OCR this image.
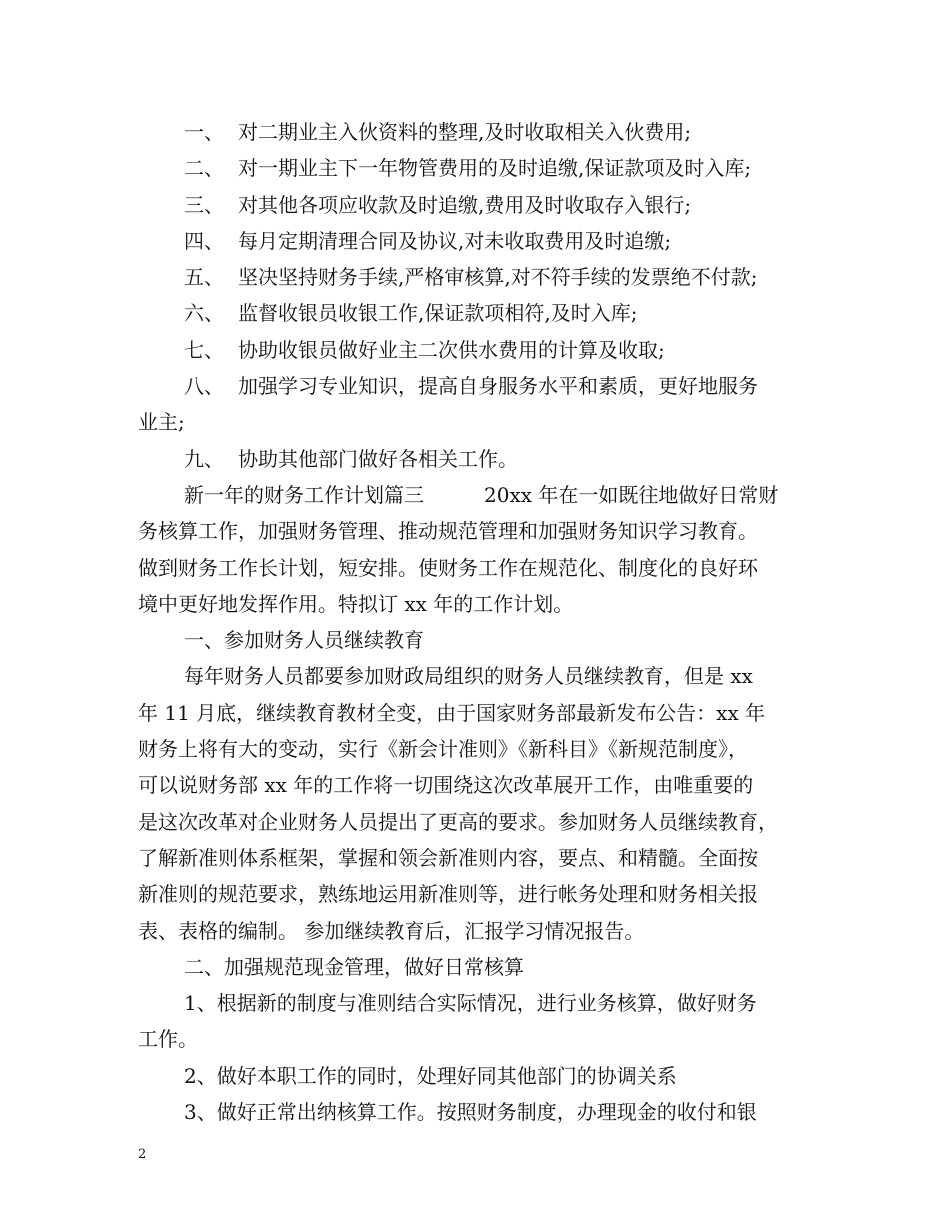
一、 对二期业主入伙资料的整理,及时收取相关入伙费用;
二、 对一期业主下一年物管费用的及时追缴,保证款项及时入库;
三、 对其他各项应收款及时追缴,费用及时收取存入银行;
四、 每月定期清理合同及协议,对未收取费用及时追缴;
五、 坚决坚持财务手续,严格审核算,对不符手续的发票绝不付款;
六、 监督收银员收银工作,保证款项相符,及时入库;
七、 协助收银员做好业主二次供水费用的计算及收取;
八、 加强学习专业知识，提高自身服务水平和素质，更好地服务
业主;
九、 协助其他部门做好各相关工作。
新一年的财务工作计划篇三　　　20xx 年在一如既往地做好日常财
务核算工作，加强财务管理、推动规范管理和加强财务知识学习教育。
做到财务工作长计划，短安排。使财务工作在规范化、制度化的良好环
境中更好地发挥作用。特拟订 xx 年的工作计划。
一、参加财务人员继续教育
每年财务人员都要参加财政局组织的财务人员继续教育，但是 xx
年 11 月底，继续教育教材全变，由于国家财务部最新发布公告：xx 年
财务上将有大的变动，实行《新会计准则》《新科目》《新规范制度》，
可以说财务部 xx 年的工作将一切围绕这次改革展开工作，由唯重要的
是这次改革对企业财务人员提出了更高的要求。参加财务人员继续教育，
了解新准则体系框架，掌握和领会新准则内容，要点、和精髓。全面按
新准则的规范要求，熟练地运用新准则等，进行帐务处理和财务相关报
表、表格的编制。 参加继续教育后，汇报学习情况报告。
二、加强规范现金管理，做好日常核算
1、根据新的制度与准则结合实际情况，进行业务核算，做好财务
工作。
2、做好本职工作的同时，处理好同其他部门的协调关系
3、做好正常出纳核算工作。按照财务制度，办理现金的收付和银
2
